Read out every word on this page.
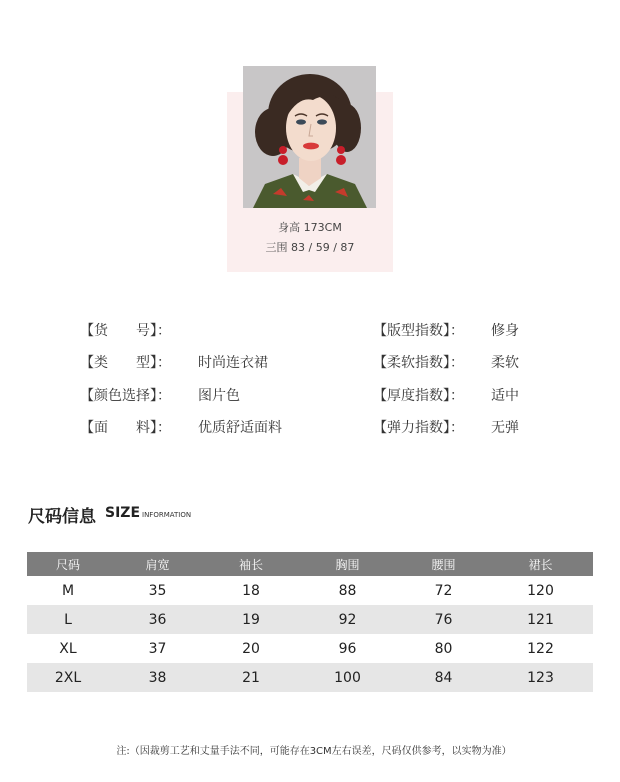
身高 173CM
三围 83 / 59 / 87
【货　　号】：
【类　　型】： 时尚连衣裙
【颜色选择】： 图片色
【面　　料】： 优质舒适面料
【版型指数】： 修身
【柔软指数】： 柔软
【厚度指数】： 适中
【弹力指数】： 无弹
尺码信息 SIZE INFORMATION
尺码	肩宽	袖长	胸围	腰围	裙长
M	35	18	88	72	120
L	36	19	92	76	121
XL	37	20	96	80	122
2XL	38	21	100	84	123
注:（因裁剪工艺和丈量手法不同，可能存在3CM左右误差，尺码仅供参考，以实物为准）
